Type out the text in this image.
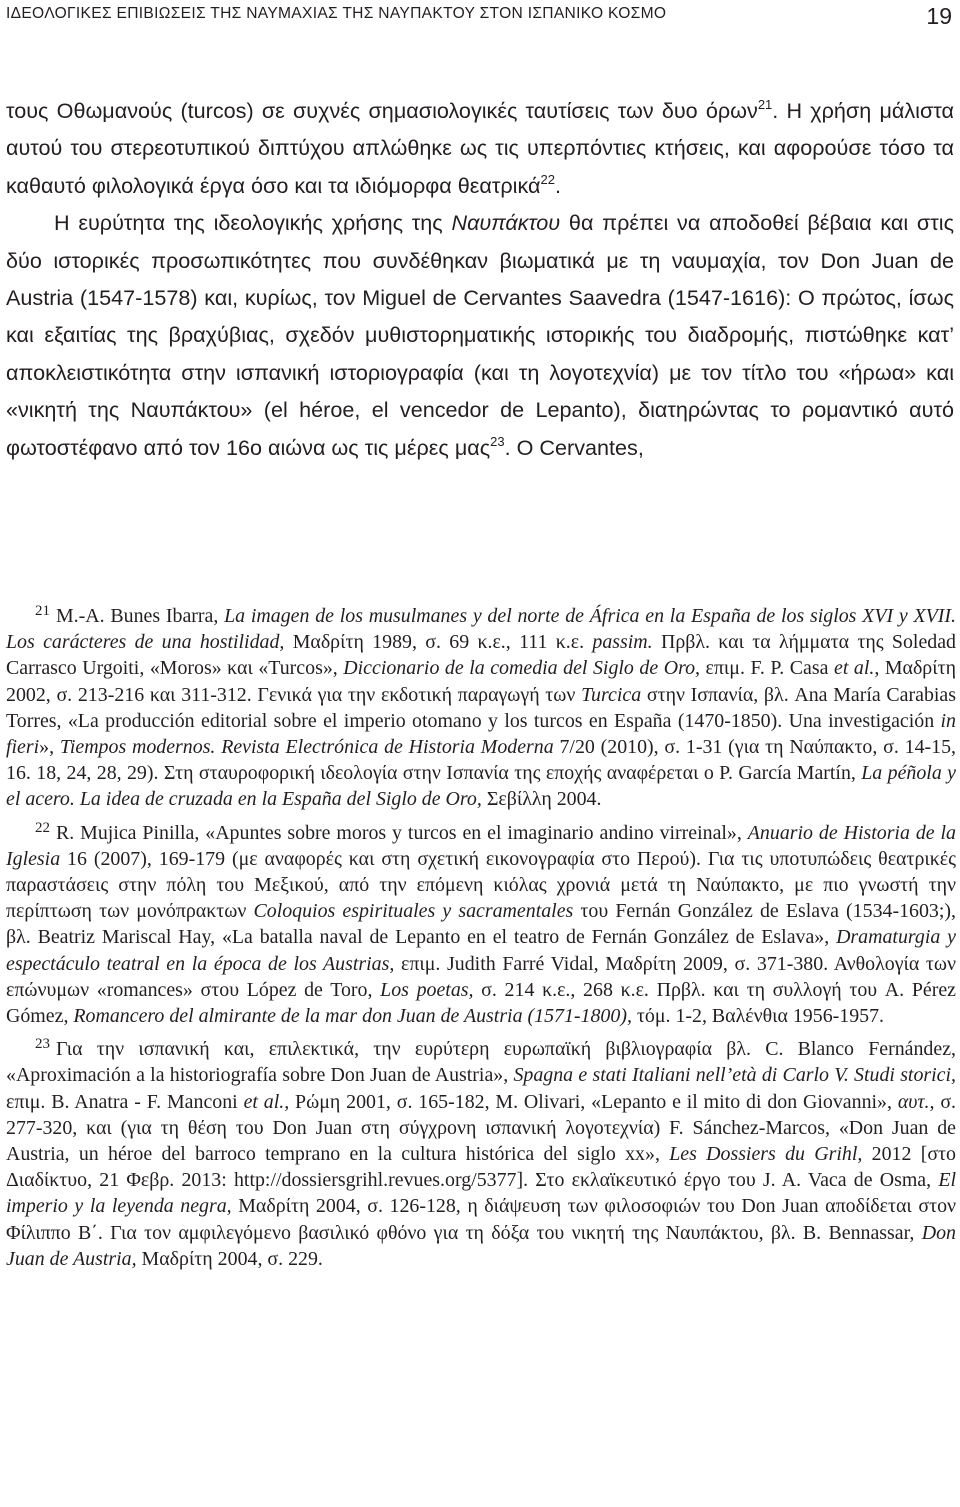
ΙΔΕΟΛΟΓΙΚΕΣ ΕΠΙΒΙΩΣΕΙΣ ΤΗΣ ΝΑΥΜΑΧΙΑΣ ΤΗΣ ΝΑΥΠΑΚΤΟΥ ΣΤΟΝ ΙΣΠΑΝΙΚΟ ΚΟΣΜΟ	19

τους Οθωμανούς (turcos) σε συχνές σημασιολογικές ταυτίσεις των δυο όρων$^{21}$. Η χρήση μάλιστα αυτού του στερεοτυπικού διπτύχου απλώθηκε ως τις υπερπόντιες κτήσεις, και αφορούσε τόσο τα καθαυτό φιλολογικά έργα όσο και τα ιδιόμορφα θεατρικά$^{22}$.

Η ευρύτητα της ιδεολογικής χρήσης της Ναυπάκτου θα πρέπει να αποδοθεί βέβαια και στις δύο ιστορικές προσωπικότητες που συνδέθηκαν βιωματικά με τη ναυμαχία, τον Don Juan de Austria (1547-1578) και, κυρίως, τον Miguel de Cervantes Saavedra (1547-1616): Ο πρώτος, ίσως και εξαιτίας της βραχύβιας, σχεδόν μυθιστορηματικής ιστορικής του διαδρομής, πιστώθηκε κατ’ αποκλειστικότητα στην ισπανική ιστοριογραφία (και τη λογοτεχνία) με τον τίτλο του «ήρωα» και «νικητή της Ναυπάκτου» (el héroe, el vencedor de Lepanto), διατηρώντας το ρομαντικό αυτό φωτοστέφανο από τον 16ο αιώνα ως τις μέρες μας$^{23}$. Ο Cervantes,

21 M.-A. Bunes Ibarra, La imagen de los musulmanes y del norte de África en la España de los siglos XVI y XVII. Los carácteres de una hostilidad, Μαδρίτη 1989, σ. 69 κ.ε., 111 κ.ε. passim. Πρβλ. και τα λήμματα της Soledad Carrasco Urgoiti, «Moros» και «Turcos», Diccionario de la comedia del Siglo de Oro, επιμ. F. P. Casa et al., Μαδρίτη 2002, σ. 213-216 και 311-312. Γενικά για την εκδοτική παραγωγή των Turcica στην Ισπανία, βλ. Ana María Carabias Torres, «La producción editorial sobre el imperio otomano y los turcos en España (1470-1850). Una investigación in fieri», Tiempos modernos. Revista Electrónica de Historia Moderna 7/20 (2010), σ. 1-31 (για τη Ναύπακτο, σ. 14-15, 16. 18, 24, 28, 29). Στη σταυροφορική ιδεολογία στην Ισπανία της εποχής αναφέρεται ο P. García Martín, La péñola y el acero. La idea de cruzada en la España del Siglo de Oro, Σεβίλλη 2004.

22 R. Mujica Pinilla, «Apuntes sobre moros y turcos en el imaginario andino virreinal», Anuario de Historia de la Iglesia 16 (2007), 169-179 (με αναφορές και στη σχετική εικονογραφία στο Περού). Για τις υποτυπώδεις θεατρικές παραστάσεις στην πόλη του Μεξικού, από την επόμενη κιόλας χρονιά μετά τη Ναύπακτο, με πιο γνωστή την περίπτωση των μονόπρακτων Coloquios espirituales y sacramentales του Fernán González de Eslava (1534-1603;), βλ. Beatriz Mariscal Hay, «La batalla naval de Lepanto en el teatro de Fernán González de Eslava», Dramaturgia y espectáculo teatral en la época de los Austrias, επιμ. Judith Farré Vidal, Μαδρίτη 2009, σ. 371-380. Ανθολογία των επώνυμων «romances» στου López de Toro, Los poetas, σ. 214 κ.ε., 268 κ.ε. Πρβλ. και τη συλλογή του A. Pérez Gómez, Romancero del almirante de la mar don Juan de Austria (1571-1800), τόμ. 1-2, Βαλένθια 1956-1957.

23 Για την ισπανική και, επιλεκτικά, την ευρύτερη ευρωπαϊκή βιβλιογραφία βλ. C. Blanco Fernández, «Aproximación a la historiografía sobre Don Juan de Austria», Spagna e stati Italiani nell’età di Carlo V. Studi storici, επιμ. B. Anatra - F. Manconi et al., Ρώμη 2001, σ. 165-182, M. Olivari, «Lepanto e il mito di don Giovanni», αυτ., σ. 277-320, και (για τη θέση του Don Juan στη σύγχρονη ισπανική λογοτεχνία) F. Sánchez-Marcos, «Don Juan de Austria, un héroe del barroco temprano en la cultura histórica del siglo xx», Les Dossiers du Grihl, 2012 [στο Διαδίκτυο, 21 Φεβρ. 2013: http://dossiersgrihl.revues.org/5377]. Στο εκλαϊκευτικό έργο του J. A. Vaca de Osma, El imperio y la leyenda negra, Μαδρίτη 2004, σ. 126-128, η διάψευση των φιλοσοφιών του Don Juan αποδίδεται στον Φίλιππο Β΄. Για τον αμφιλεγόμενο βασιλικό φθόνο για τη δόξα του νικητή της Ναυπάκτου, βλ. B. Bennassar, Don Juan de Austria, Μαδρίτη 2004, σ. 229.
